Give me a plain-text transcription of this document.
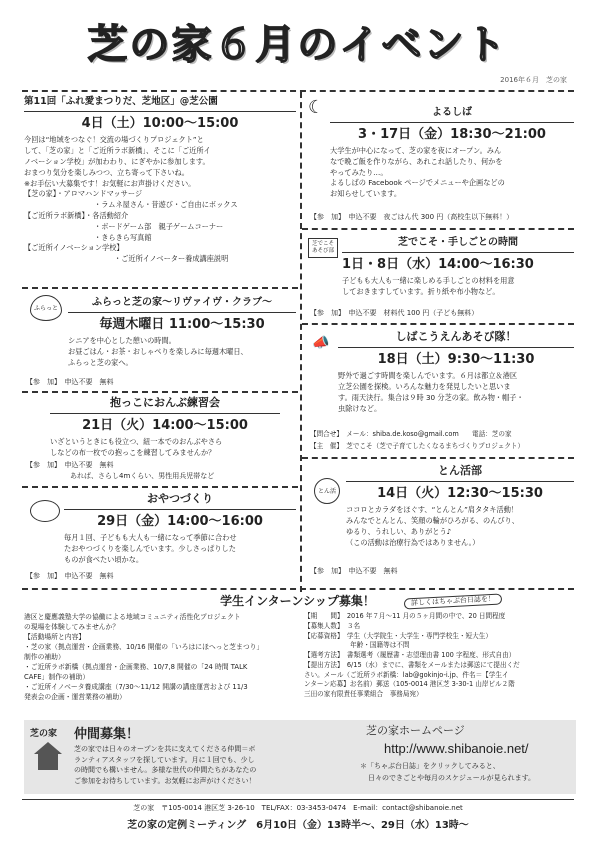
芝の家６月のイベント
2016年６月　芝の家
第11回「ふれ愛まつりだ、芝地区」@芝公園
4日（土）10:00〜15:00
今回は“地域をつなぐ！交流の場づくりプロジェクト”と
して、「芝の家」と「ご近所ラボ新橋」、そこに「ご近所イ
ノベーション学校」が加わわり、にぎやかに参加します。
おまつり気分を楽しみつつ、立ち寄って下さいね。
※お手伝い大募集です！お気軽にお声掛けください。
【芝の家】・アロマハンドマッサージ
・ラムネ屋さん・昔遊び・ご自由にボックス
【ご近所ラボ新橋】・各活動紹介
・ボードゲーム部　親子ゲームコーナー
・きらきら写真館
【ご近所イノベーション学校】
・ご近所イノベーター養成講座説明
ふらっと
ふらっと芝の家〜リヴァイヴ・クラブ〜
毎週木曜日 11:00〜15:30
シニアを中心とした憩いの時間。
お昼ごはん・お茶・おしゃべりを楽しみに毎週木曜日、
ふらっと芝の家へ。
【参　加】　申込不要　無料
抱っこにおんぶ練習会
21日（火）14:00〜15:00
いざというときにも役立つ、紐一本でのおんぶやさら
しなどの布一枚での抱っこを練習してみませんか？
【参　加】　申込不要　無料
あれば、さらし4mくらい、男性用兵児帯など
おやつづくり
29日（金）14:00〜16:00
毎月１回、子どもも大人も一緒になって季節に合わせ
たおやつづくりを楽しんでいます。少しさっぱりした
ものが食べたい頃かな。
【参　加】　申込不要　無料
☾	よるしば
3・17日（金）18:30〜21:00
大学生が中心になって、芝の家を夜にオープン。みん
なで晩ご飯を作りながら、あれこれ話したり、何かを
やってみたり…。
よるしばの Facebook ページでメニューや企画などの
お知らせしています。
【参　加】　申込不要　夜ごはん代 300 円（高校生以下無料！）
芝でこそ あそび部
芝でこそ・手しごとの時間
1日・8日（水）14:00〜16:30
子どもも大人も一緒に楽しめる手しごとの材料を用意
しておきますしています。折り紙や布小物など。
【参　加】　申込不要　材料代 100 円（子ども無料）
📣	しばこうえんあそび隊！
18日（土）9:30〜11:30
野外で過ごす時間を楽しんでいます。６月は都立＆港区
立芝公園を探検。いろんな魅力を発見したいと思いま
す。雨天決行。集合は９時 30 分芝の家。飲み物・帽子・
虫除けなど。
【問合せ】　メール：shiba.de.koso@gmail.com　　電話：芝の家
【主　催】　芝でこそ（芝で子育てしたくなるまちづくりプロジェクト）
とん活
とん活部
14日（火）12:30〜15:30
ココロとカラダをほぐす、“とんとん”肩タタキ活動！
みんなでとんとん、笑顔の輪がひろがる、のんびり、
ゆるり、うれしい、ありがとう♪
（この活動は治療行為ではありません。）
【参　加】　申込不要　無料
学生インターンシップ募集！	詳しくはちゃぶ台日誌を！
港区と慶應義塾大学の協働による地域コミュニティ活性化プロジェクト
の現場を体験してみませんか？
【活動場所と内容】
・芝の家（拠点運営・企画業務、10/16 開催の「いろはにほへっと芝まつり」
制作の補助）
・ご近所ラボ新橋（拠点運営・企画業務、10/7,8 開催の「24 時間 TALK
CAFE」制作の補助）
・ご近所イノベータ養成講座（7/30〜11/12 開講の講座運営および 11/3
発表会の企画・運営業務の補助）
【期　　間】　2016 年７月〜11 月の５ヶ月間の中で、20 日間程度
【募集人数】　３名
【応募資格】　学生（大学院生・大学生・専門学校生・短大生）
　　　　　　　年齢・国籍等は不問
【選考方法】　書類選考（履歴書・志望理由書 100 字程度、形式自由）
【提出方法】　6/15（水）までに、書類をメールまたは郵送にて提出くだ
さい。メール（ご近所ラボ新橋：lab@gokinjo-i.jp、件名＝【学生イ
ンターン応募】お名前）郵送（105-0014 港区芝 3-30-1 山岸ビル２階
三田の家有限責任事業組合　事務局宛）
芝の家 仲間募集！
芝の家では日々のオープンを共に支えてくださる仲間＝ボ
ランティアスタッフを探しています。月に１回でも、少し
の時間でも構いません。多様な世代の仲間たちがあなたの
ご参加をお待ちしています。お気軽にお声がけください！
芝の家ホームページ
http://www.shibanoie.net/
＊「ちゃぶ台日誌」をクリックしてみると、
日々のできごとや毎月のスケジュールが見られます。
芝の家　〒105-0014 港区芝 3-26-10　TEL/FAX：03-3453-0474　E-mail：contact@shibanoie.net
芝の家の定例ミーティング　6月10日（金）13時半〜、29日（水）13時〜
